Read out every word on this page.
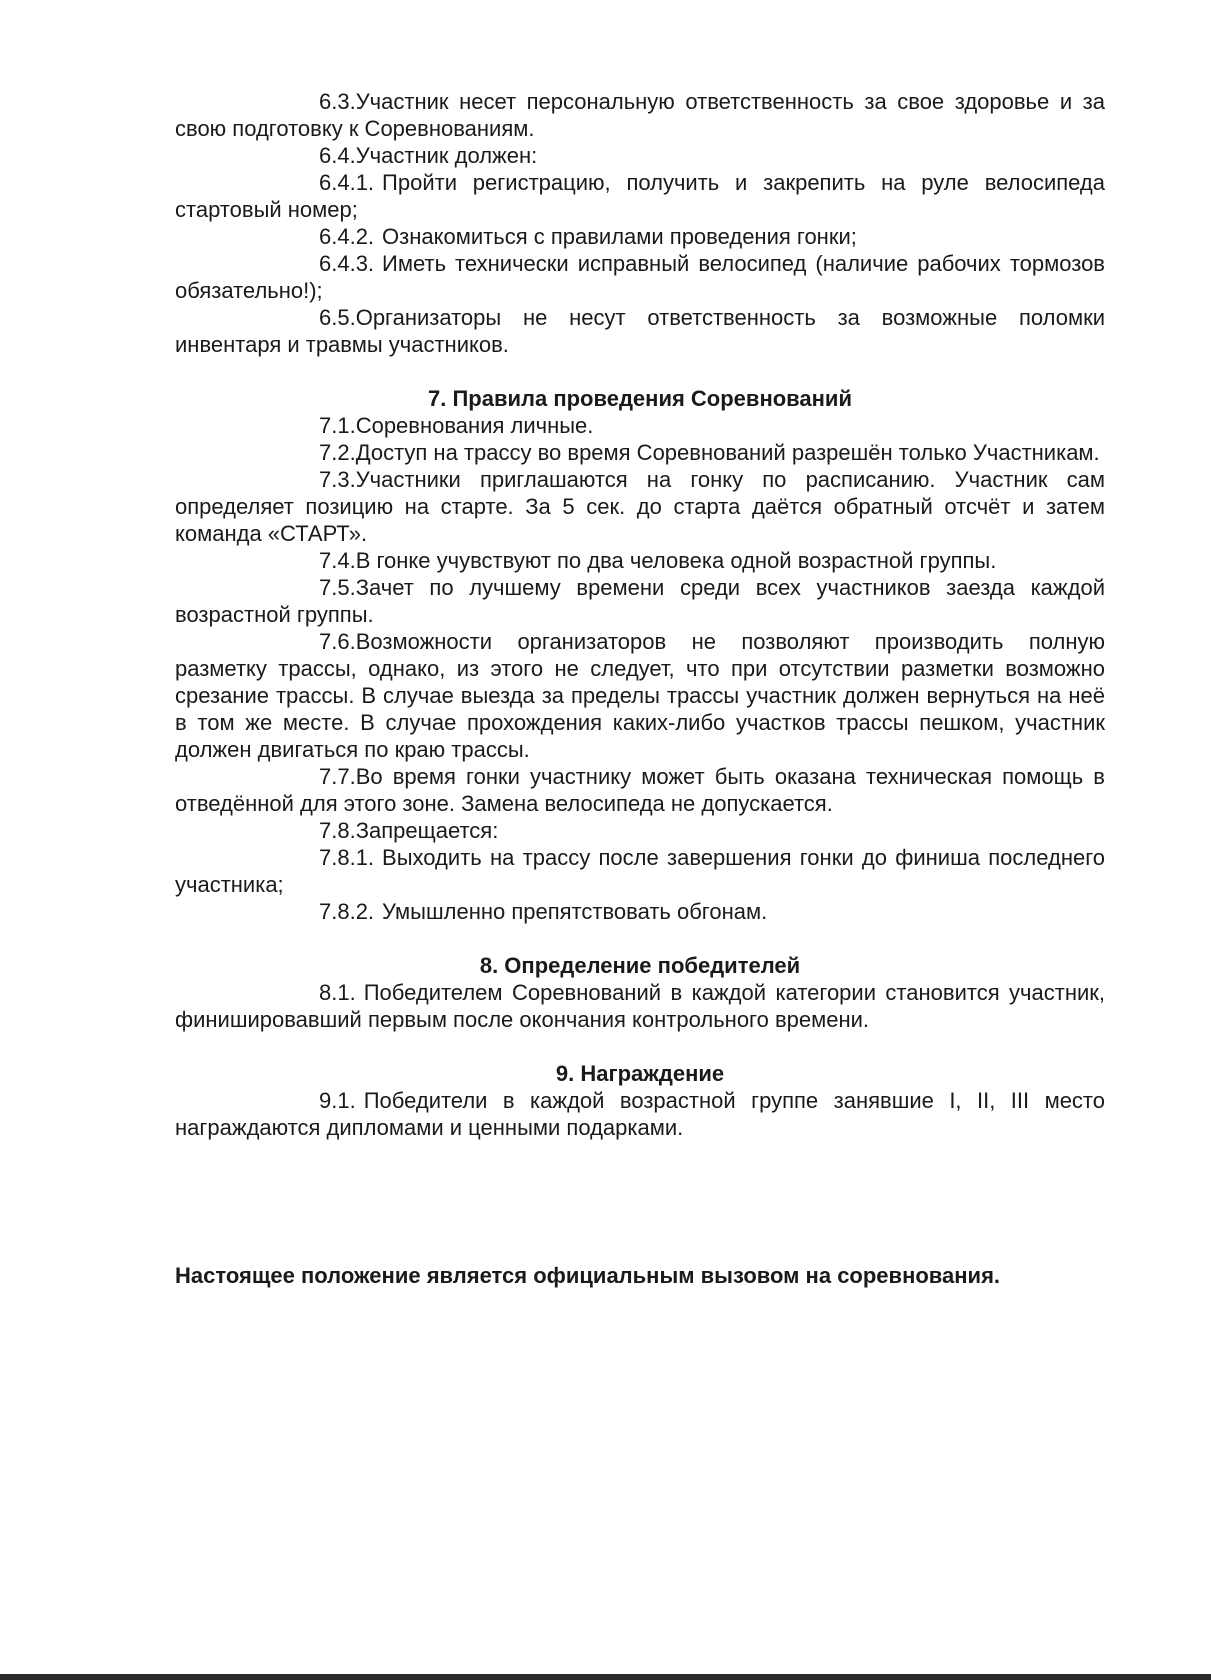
6.3.Участник несет персональную ответственность за свое здоровье и за свою подготовку к Соревнованиям.

6.4.Участник должен:

6.4.1. Пройти регистрацию, получить и закрепить на руле велосипеда стартовый номер;

6.4.2. Ознакомиться с правилами проведения гонки;

6.4.3. Иметь технически исправный велосипед (наличие рабочих тормозов обязательно!);

6.5.Организаторы не несут ответственность за возможные поломки инвентаря и травмы участников.

7. Правила проведения Соревнований

7.1.Соревнования личные.

7.2.Доступ на трассу во время Соревнований разрешён только Участникам.

7.3.Участники приглашаются на гонку по расписанию. Участник сам определяет позицию на старте. За 5 сек. до старта даётся обратный отсчёт и затем команда «СТАРТ».

7.4.В гонке учувствуют по два человека одной возрастной группы.

7.5.Зачет по лучшему времени среди всех участников заезда каждой возрастной группы.

7.6.Возможности организаторов не позволяют производить полную разметку трассы, однако, из этого не следует, что при отсутствии разметки возможно срезание трассы. В случае выезда за пределы трассы участник должен вернуться на неё в том же месте. В случае прохождения каких-либо участков трассы пешком, участник должен двигаться по краю трассы.

7.7.Во время гонки участнику может быть оказана техническая помощь в отведённой для этого зоне. Замена велосипеда не допускается.

7.8.Запрещается:

7.8.1. Выходить на трассу после завершения гонки до финиша последнего участника;

7.8.2. Умышленно препятствовать обгонам.

8. Определение победителей

8.1. Победителем Соревнований в каждой категории становится участник, финишировавший первым после окончания контрольного времени.

9. Награждение

9.1. Победители в каждой возрастной группе занявшие I, II, III место награждаются дипломами и ценными подарками.

Настоящее положение является официальным вызовом на соревнования.
